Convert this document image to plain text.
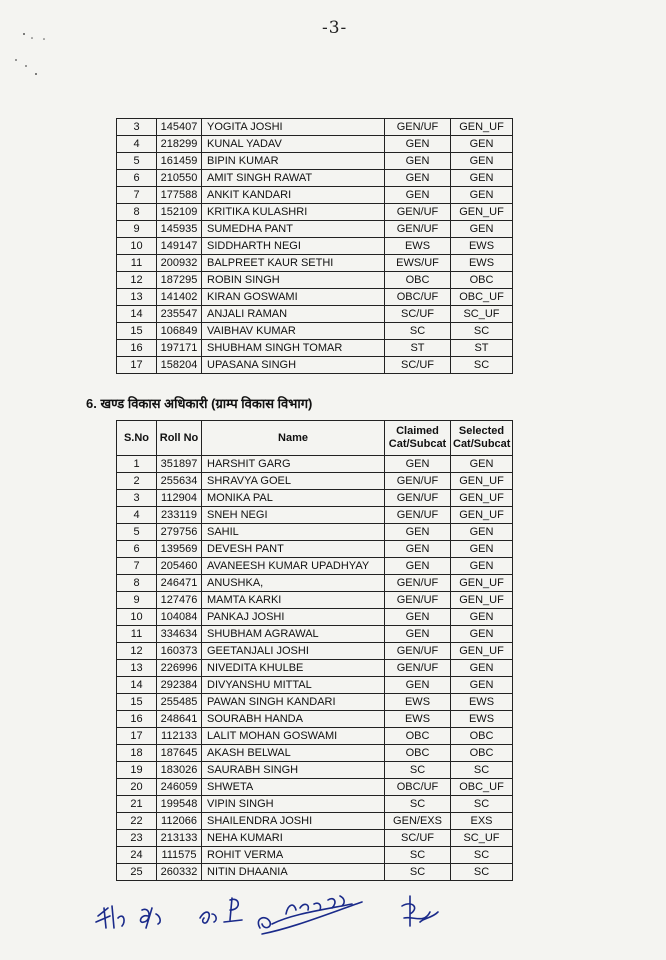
-3-
3	145407	YOGITA JOSHI	GEN/UF	GEN_UF
4	218299	KUNAL YADAV	GEN	GEN
5	161459	BIPIN KUMAR	GEN	GEN
6	210550	AMIT SINGH RAWAT	GEN	GEN
7	177588	ANKIT KANDARI	GEN	GEN
8	152109	KRITIKA KULASHRI	GEN/UF	GEN_UF
9	145935	SUMEDHA PANT	GEN/UF	GEN
10	149147	SIDDHARTH NEGI	EWS	EWS
11	200932	BALPREET KAUR SETHI	EWS/UF	EWS
12	187295	ROBIN SINGH	OBC	OBC
13	141402	KIRAN GOSWAMI	OBC/UF	OBC_UF
14	235547	ANJALI RAMAN	SC/UF	SC_UF
15	106849	VAIBHAV KUMAR	SC	SC
16	197171	SHUBHAM SINGH TOMAR	ST	ST
17	158204	UPASANA SINGH	SC/UF	SC
6. खण्ड विकास अधिकारी (ग्राम्प विकास विभाग)
S.No	Roll No	Name	Claimed Cat/Subcat	Selected Cat/Subcat
1	351897	HARSHIT GARG	GEN	GEN
2	255634	SHRAVYA GOEL	GEN/UF	GEN_UF
3	112904	MONIKA PAL	GEN/UF	GEN_UF
4	233119	SNEH NEGI	GEN/UF	GEN_UF
5	279756	SAHIL	GEN	GEN
6	139569	DEVESH PANT	GEN	GEN
7	205460	AVANEESH KUMAR UPADHYAY	GEN	GEN
8	246471	ANUSHKA,	GEN/UF	GEN_UF
9	127476	MAMTA KARKI	GEN/UF	GEN_UF
10	104084	PANKAJ JOSHI	GEN	GEN
11	334634	SHUBHAM AGRAWAL	GEN	GEN
12	160373	GEETANJALI JOSHI	GEN/UF	GEN_UF
13	226996	NIVEDITA KHULBE	GEN/UF	GEN
14	292384	DIVYANSHU MITTAL	GEN	GEN
15	255485	PAWAN SINGH KANDARI	EWS	EWS
16	248641	SOURABH HANDA	EWS	EWS
17	112133	LALIT MOHAN GOSWAMI	OBC	OBC
18	187645	AKASH BELWAL	OBC	OBC
19	183026	SAURABH SINGH	SC	SC
20	246059	SHWETA	OBC/UF	OBC_UF
21	199548	VIPIN SINGH	SC	SC
22	112066	SHAILENDRA JOSHI	GEN/EXS	EXS
23	213133	NEHA KUMARI	SC/UF	SC_UF
24	111575	ROHIT VERMA	SC	SC
25	260332	NITIN DHAANIA	SC	SC
